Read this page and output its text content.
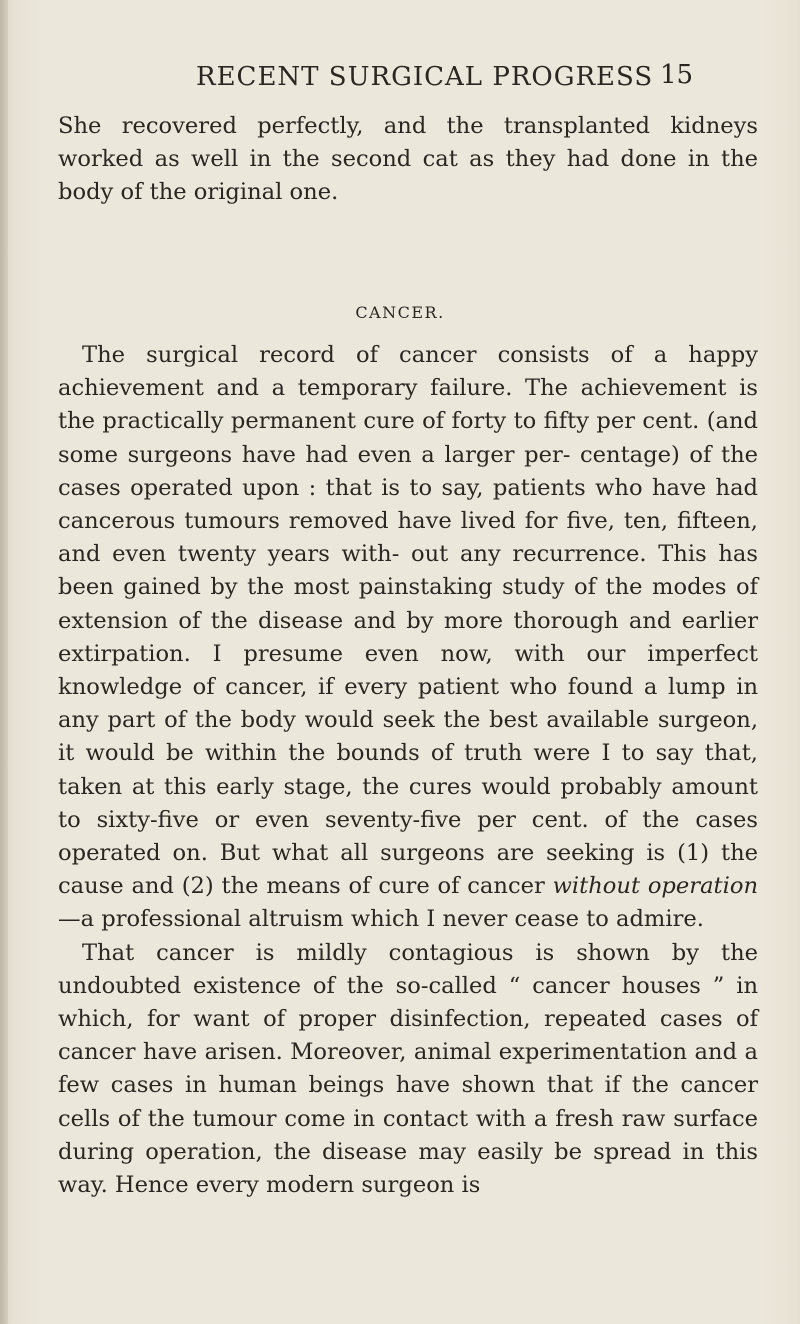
RECENT SURGICAL PROGRESS 15

She recovered perfectly, and the transplanted kidneys worked as well in the second cat as they had done in the body of the original one.

CANCER.

The surgical record of cancer consists of a happy achievement and a temporary failure. The achievement is the practically permanent cure of forty to fifty per cent. (and some surgeons have had even a larger per- centage) of the cases operated upon : that is to say, patients who have had cancerous tumours removed have lived for five, ten, fifteen, and even twenty years with- out any recurrence. This has been gained by the most painstaking study of the modes of extension of the disease and by more thorough and earlier extirpation. I presume even now, with our imperfect knowledge of cancer, if every patient who found a lump in any part of the body would seek the best available surgeon, it would be within the bounds of truth were I to say that, taken at this early stage, the cures would probably amount to sixty-five or even seventy-five per cent. of the cases operated on. But what all surgeons are seeking is (1) the cause and (2) the means of cure of cancer without operation—a professional altruism which I never cease to admire.

That cancer is mildly contagious is shown by the undoubted existence of the so-called “ cancer houses ” in which, for want of proper disinfection, repeated cases of cancer have arisen. Moreover, animal experimentation and a few cases in human beings have shown that if the cancer cells of the tumour come in contact with a fresh raw surface during operation, the disease may easily be spread in this way. Hence every modern surgeon is
